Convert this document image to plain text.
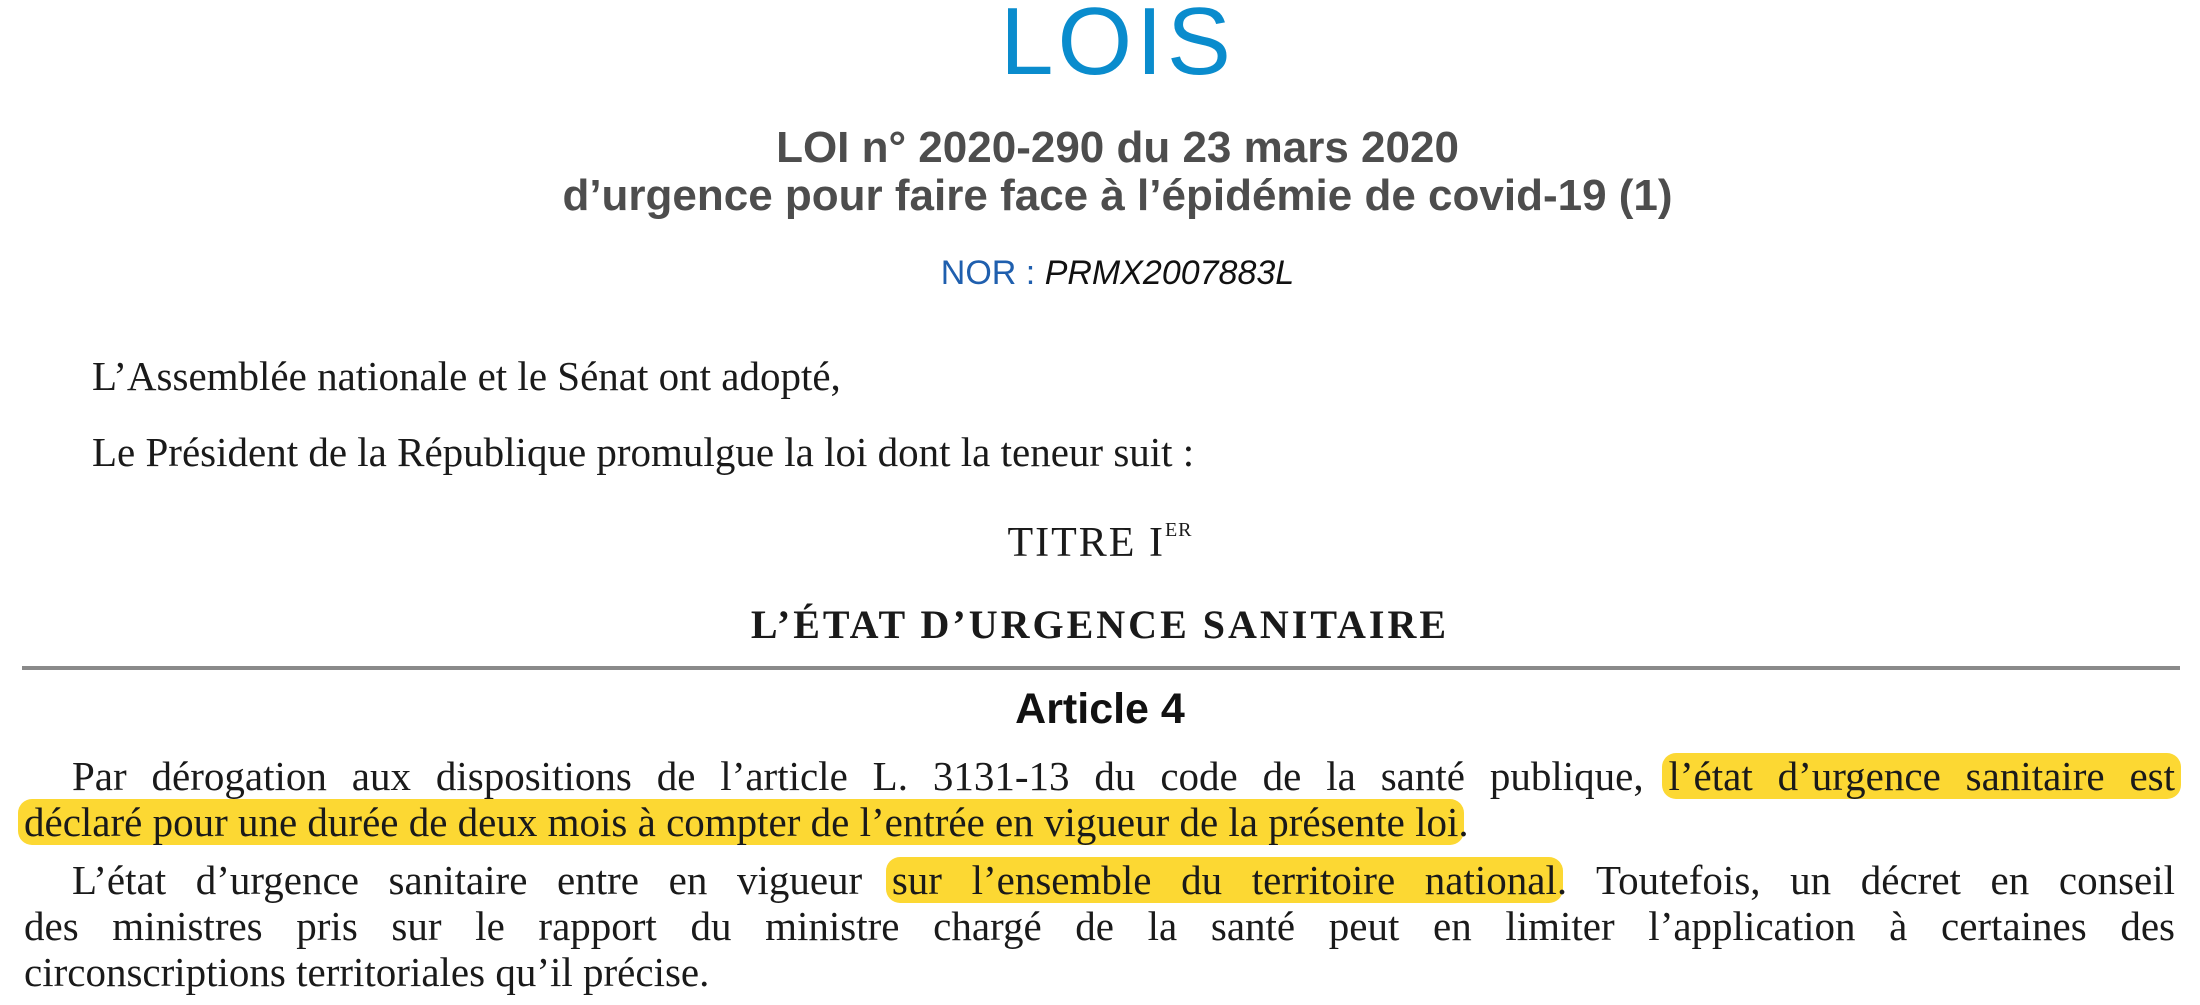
LOIS
LOI n° 2020-290 du 23 mars 2020
d’urgence pour faire face à l’épidémie de covid-19 (1)
NOR : PRMX2007883L
L’Assemblée nationale et le Sénat ont adopté,
Le Président de la République promulgue la loi dont la teneur suit :
TITRE IER
L’ÉTAT D’URGENCE SANITAIRE
Article 4
Par dérogation aux dispositions de l’article L. 3131-13 du code de la santé publique, l’état d’urgence sanitaire est
déclaré pour une durée de deux mois à compter de l’entrée en vigueur de la présente loi.
L’état d’urgence sanitaire entre en vigueur sur l’ensemble du territoire national. Toutefois, un décret en conseil
des ministres pris sur le rapport du ministre chargé de la santé peut en limiter l’application à certaines des
circonscriptions territoriales qu’il précise.
